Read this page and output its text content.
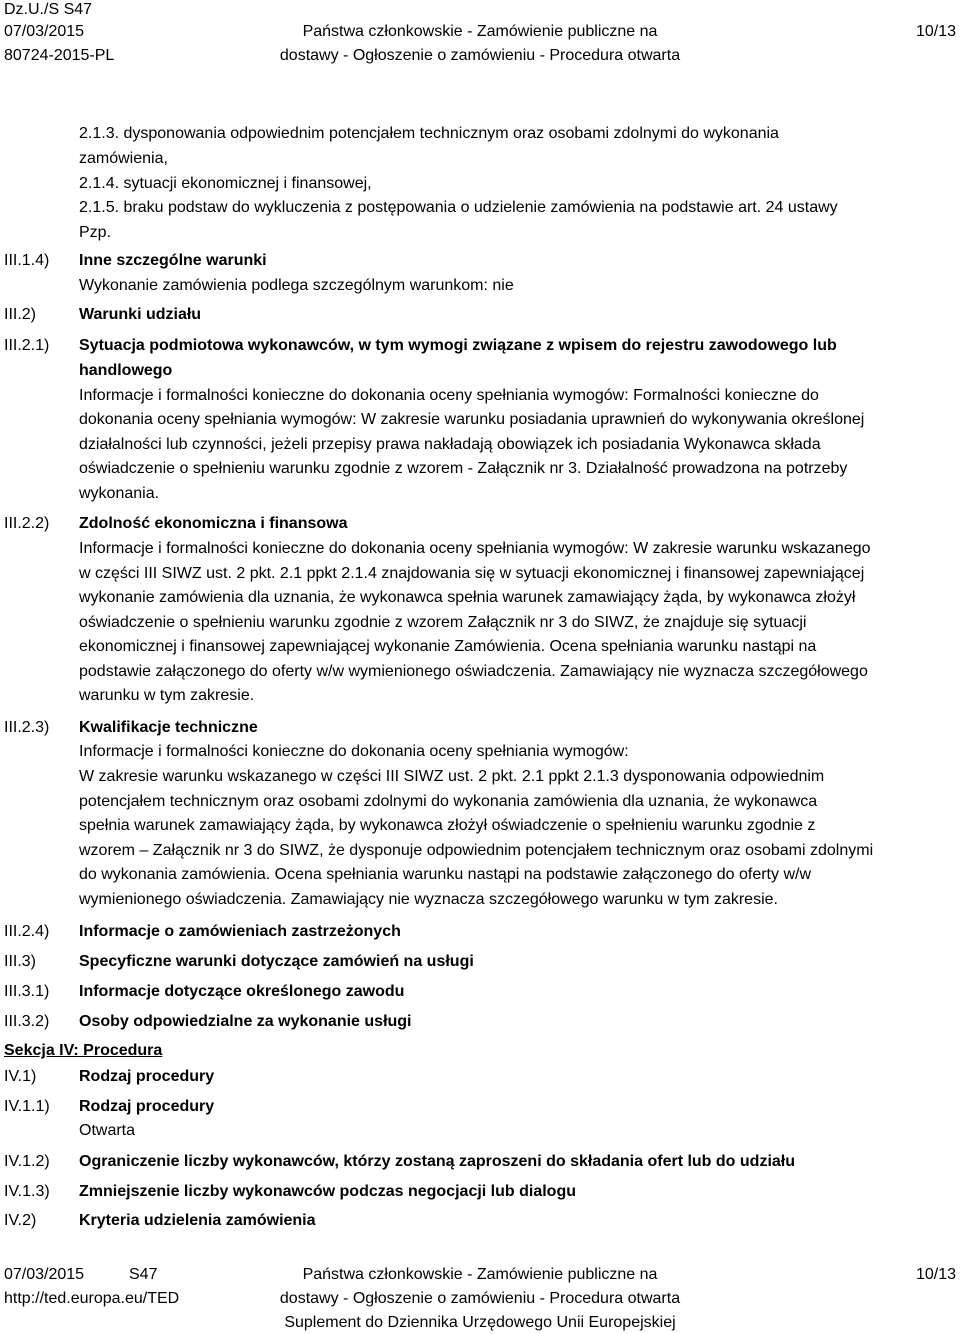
Dz.U./S S47
07/03/2015
80724-2015-PL
Państwa członkowskie - Zamówienie publiczne na
dostawy - Ogłoszenie o zamówieniu - Procedura otwarta
10/13
2.1.3. dysponowania odpowiednim potencjałem technicznym oraz osobami zdolnymi do wykonania
zamówienia,
2.1.4. sytuacji ekonomicznej i finansowej,
2.1.5. braku podstaw do wykluczenia z postępowania o udzielenie zamówienia na podstawie art. 24 ustawy
Pzp.
III.1.4) Inne szczególne warunki
Wykonanie zamówienia podlega szczególnym warunkom: nie
III.2)	Warunki udziału
III.2.1) Sytuacja podmiotowa wykonawców, w tym wymogi związane z wpisem do rejestru zawodowego lub
handlowego
Informacje i formalności konieczne do dokonania oceny spełniania wymogów: Formalności konieczne do
dokonania oceny spełniania wymogów: W zakresie warunku posiadania uprawnień do wykonywania określonej
działalności lub czynności, jeżeli przepisy prawa nakładają obowiązek ich posiadania Wykonawca składa
oświadczenie o spełnieniu warunku zgodnie z wzorem - Załącznik nr 3. Działalność prowadzona na potrzeby
wykonania.
III.2.2) Zdolność ekonomiczna i finansowa
Informacje i formalności konieczne do dokonania oceny spełniania wymogów: W zakresie warunku wskazanego
w części III SIWZ ust. 2 pkt. 2.1 ppkt 2.1.4 znajdowania się w sytuacji ekonomicznej i finansowej zapewniającej
wykonanie zamówienia dla uznania, że wykonawca spełnia warunek zamawiający żąda, by wykonawca złożył
oświadczenie o spełnieniu warunku zgodnie z wzorem Załącznik nr 3 do SIWZ, że znajduje się sytuacji
ekonomicznej i finansowej zapewniającej wykonanie Zamówienia. Ocena spełniania warunku nastąpi na
podstawie załączonego do oferty w/w wymienionego oświadczenia. Zamawiający nie wyznacza szczegółowego
warunku w tym zakresie.
III.2.3) Kwalifikacje techniczne
Informacje i formalności konieczne do dokonania oceny spełniania wymogów:
W zakresie warunku wskazanego w części III SIWZ ust. 2 pkt. 2.1 ppkt 2.1.3 dysponowania odpowiednim
potencjałem technicznym oraz osobami zdolnymi do wykonania zamówienia dla uznania, że wykonawca
spełnia warunek zamawiający żąda, by wykonawca złożył oświadczenie o spełnieniu warunku zgodnie z
wzorem – Załącznik nr 3 do SIWZ, że dysponuje odpowiednim potencjałem technicznym oraz osobami zdolnymi
do wykonania zamówienia. Ocena spełniania warunku nastąpi na podstawie załączonego do oferty w/w
wymienionego oświadczenia. Zamawiający nie wyznacza szczegółowego warunku w tym zakresie.
III.2.4) Informacje o zamówieniach zastrzeżonych
III.3)	Specyficzne warunki dotyczące zamówień na usługi
III.3.1) Informacje dotyczące określonego zawodu
III.3.2) Osoby odpowiedzialne za wykonanie usługi
Sekcja IV: Procedura
IV.1)	Rodzaj procedury
IV.1.1) Rodzaj procedury
Otwarta
IV.1.2) Ograniczenie liczby wykonawców, którzy zostaną zaproszeni do składania ofert lub do udziału
IV.1.3) Zmniejszenie liczby wykonawców podczas negocjacji lub dialogu
IV.2)	Kryteria udzielenia zamówienia
07/03/2015	S47
http://ted.europa.eu/TED
Państwa członkowskie - Zamówienie publiczne na
dostawy - Ogłoszenie o zamówieniu - Procedura otwarta
Suplement do Dziennika Urzędowego Unii Europejskiej
10/13
